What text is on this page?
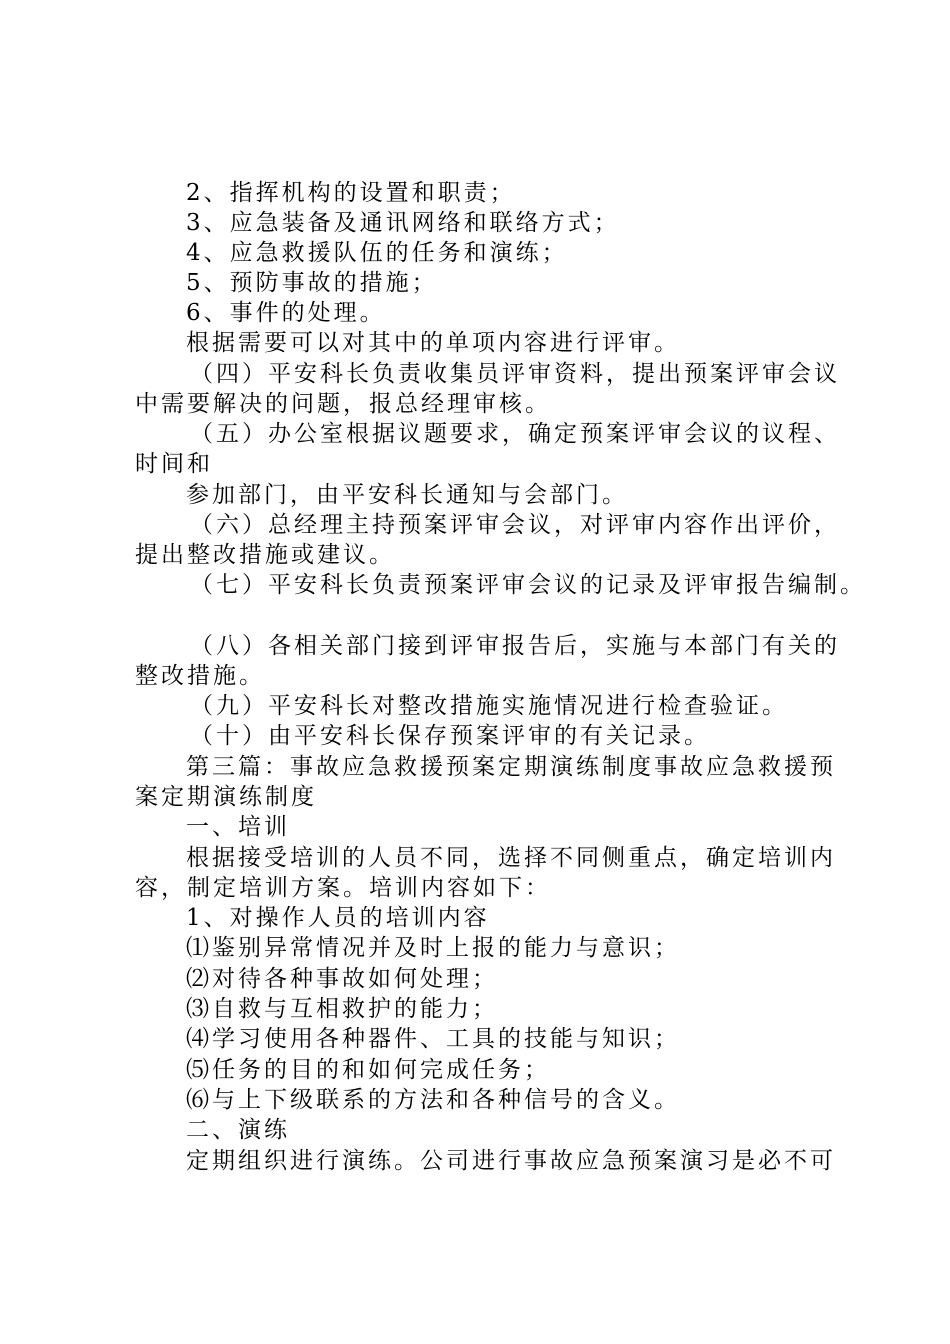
2、指挥机构的设置和职责；
3、应急装备及通讯网络和联络方式；
4、应急救援队伍的任务和演练；
5、预防事故的措施；
6、事件的处理。
根据需要可以对其中的单项内容进行评审。
（四）平安科长负责收集员评审资料，提出预案评审会议
中需要解决的问题，报总经理审核。
（五）办公室根据议题要求，确定预案评审会议的议程、
时间和
参加部门，由平安科长通知与会部门。
（六）总经理主持预案评审会议，对评审内容作出评价，
提出整改措施或建议。
（七）平安科长负责预案评审会议的记录及评审报告编制。
（八）各相关部门接到评审报告后，实施与本部门有关的
整改措施。
（九）平安科长对整改措施实施情况进行检查验证。
（十）由平安科长保存预案评审的有关记录。
第三篇：事故应急救援预案定期演练制度事故应急救援预
案定期演练制度
一、培训
根据接受培训的人员不同，选择不同侧重点，确定培训内
容，制定培训方案。培训内容如下：
1、对操作人员的培训内容
⑴鉴别异常情况并及时上报的能力与意识；
⑵对待各种事故如何处理；
⑶自救与互相救护的能力；
⑷学习使用各种器件、工具的技能与知识；
⑸任务的目的和如何完成任务；
⑹与上下级联系的方法和各种信号的含义。
二、演练
定期组织进行演练。公司进行事故应急预案演习是必不可
